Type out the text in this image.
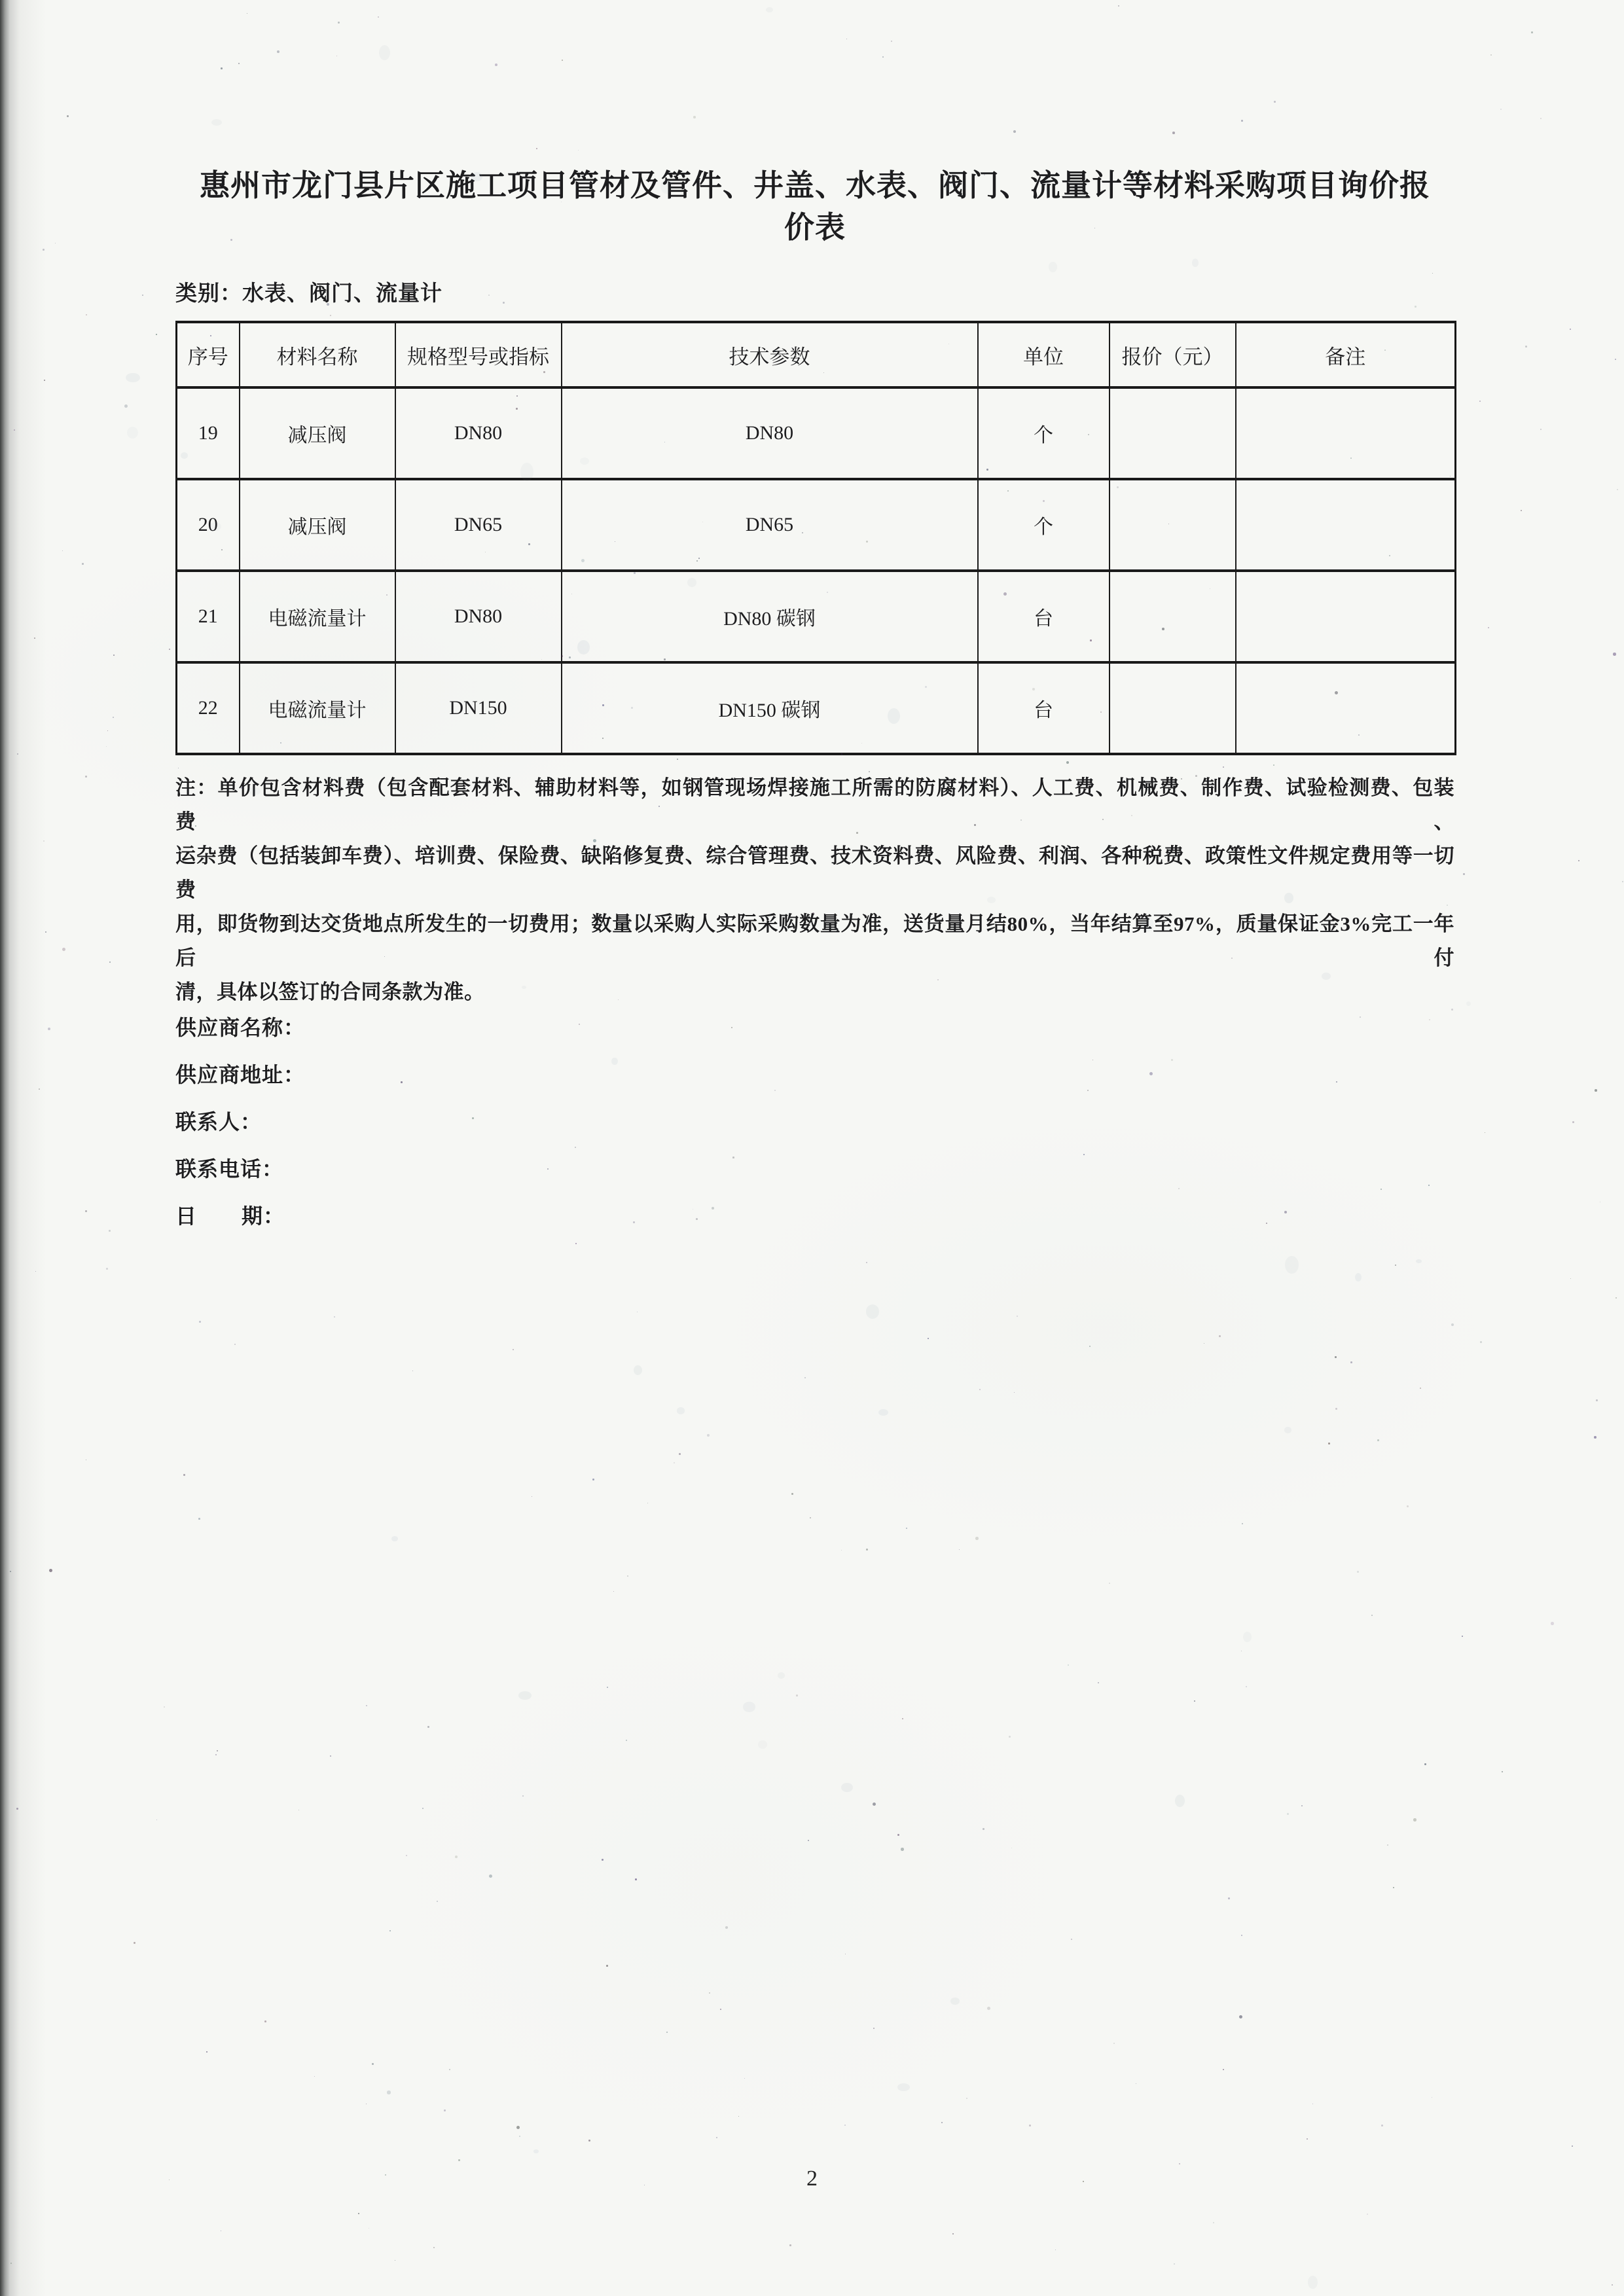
惠州市龙门县片区施工项目管材及管件、井盖、水表、阀门、流量计等材料采购项目询价报
价表
类别：水表、阀门、流量计
序号	材料名称	规格型号或指标	技术参数	单位	报价（元）	备注
19	减压阀	DN80	DN80	个		
20	减压阀	DN65	DN65	个		
21	电磁流量计	DN80	DN80 碳钢	台		
22	电磁流量计	DN150	DN150 碳钢	台		
注：单价包含材料费（包含配套材料、辅助材料等，如钢管现场焊接施工所需的防腐材料）、人工费、机械费、制作费、试验检测费、包装费、
运杂费（包括装卸车费）、培训费、保险费、缺陷修复费、综合管理费、技术资料费、风险费、利润、各种税费、政策性文件规定费用等一切费
用，即货物到达交货地点所发生的一切费用；数量以采购人实际采购数量为准，送货量月结80%，当年结算至97%，质量保证金3%完工一年后付
清，具体以签订的合同条款为准。
供应商名称：
供应商地址：
联系人：
联系电话：
日    期：
2
